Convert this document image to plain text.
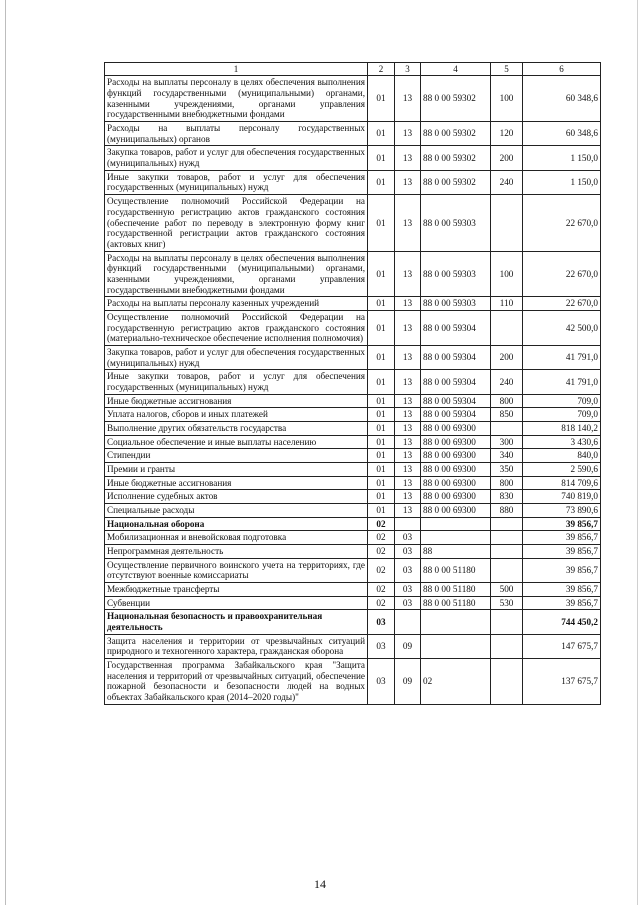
1	2	3	4	5	6
Расходы на выплаты персоналу в целях обеспечения выполнения функций государственными (муниципальными) органами, казенными учреждениями, органами управления государственными внебюджетными фондами	01	13	88 0 00 59302	100	60 348,6
Расходы на выплаты персоналу государственных (муниципальных) органов	01	13	88 0 00 59302	120	60 348,6
Закупка товаров, работ и услуг для обеспечения государственных (муниципальных) нужд	01	13	88 0 00 59302	200	1 150,0
Иные закупки товаров, работ и услуг для обеспечения государственных (муниципальных) нужд	01	13	88 0 00 59302	240	1 150,0
Осуществление полномочий Российской Федерации на государственную регистрацию актов гражданского состояния (обеспечение работ по переводу в электронную форму книг государственной регистрации актов гражданского состояния (актовых книг)	01	13	88 0 00 59303		22 670,0
Расходы на выплаты персоналу в целях обеспечения выполнения функций государственными (муниципальными) органами, казенными учреждениями, органами управления государственными внебюджетными фондами	01	13	88 0 00 59303	100	22 670,0
Расходы на выплаты персоналу казенных учреждений	01	13	88 0 00 59303	110	22 670,0
Осуществление полномочий Российской Федерации на государственную регистрацию актов гражданского состояния (материально-техническое обеспечение исполнения полномочия)	01	13	88 0 00 59304		42 500,0
Закупка товаров, работ и услуг для обеспечения государственных (муниципальных) нужд	01	13	88 0 00 59304	200	41 791,0
Иные закупки товаров, работ и услуг для обеспечения государственных (муниципальных) нужд	01	13	88 0 00 59304	240	41 791,0
Иные бюджетные ассигнования	01	13	88 0 00 59304	800	709,0
Уплата налогов, сборов и иных платежей	01	13	88 0 00 59304	850	709,0
Выполнение других обязательств государства	01	13	88 0 00 69300		818 140,2
Социальное обеспечение и иные выплаты населению	01	13	88 0 00 69300	300	3 430,6
Стипендии	01	13	88 0 00 69300	340	840,0
Премии и гранты	01	13	88 0 00 69300	350	2 590,6
Иные бюджетные ассигнования	01	13	88 0 00 69300	800	814 709,6
Исполнение судебных актов	01	13	88 0 00 69300	830	740 819,0
Специальные расходы	01	13	88 0 00 69300	880	73 890,6
Национальная оборона	02				39 856,7
Мобилизационная и вневойсковая подготовка	02	03			39 856,7
Непрограммная деятельность	02	03	88		39 856,7
Осуществление первичного воинского учета на территориях, где отсутствуют военные комиссариаты	02	03	88 0 00 51180		39 856,7
Межбюджетные трансферты	02	03	88 0 00 51180	500	39 856,7
Субвенции	02	03	88 0 00 51180	530	39 856,7
Национальная безопасность и правоохранительная деятельность	03				744 450,2
Защита населения и территории от чрезвычайных ситуаций природного и техногенного характера, гражданская оборона	03	09			147 675,7
Государственная программа Забайкальского края "Защита населения и территорий от чрезвычайных ситуаций, обеспечение пожарной безопасности и безопасности людей на водных объектах Забайкальского края (2014–2020 годы)"	03	09	02		137 675,7
14
